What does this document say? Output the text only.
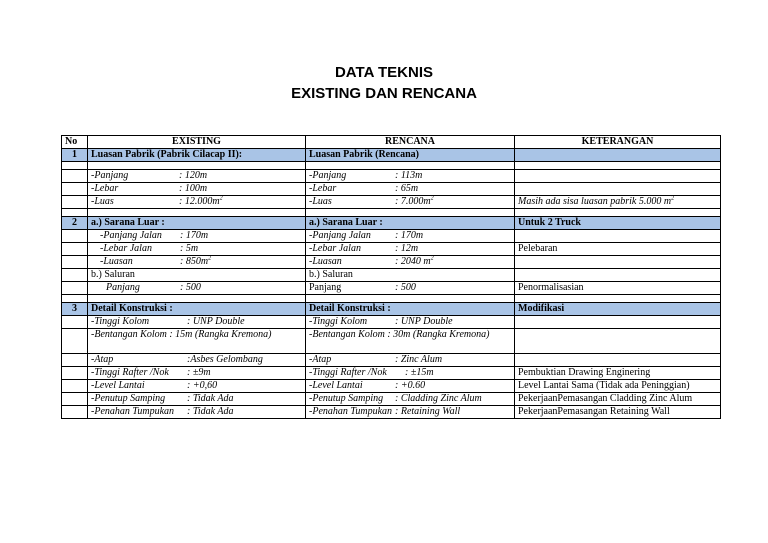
DATA TEKNIS
EXISTING DAN RENCANA
No	EXISTING	RENCANA	KETERANGAN
1	Luasan Pabrik (Pabrik Cilacap II):	Luasan Pabrik (Rencana)	

	-Panjang : 120m	-Panjang : 113m	
	-Lebar : 100m	-Lebar : 65m	
	-Luas : $12.000m^2$	-Luas : $7.000m^2$	Masih ada sisa luasan pabrik 5.000 $m^2$

2	a.) Sarana Luar :	a.) Sarana Luar :	Untuk 2 Truck
	-Panjang Jalan : 170m	-Panjang Jalan : 170m	
	-Lebar Jalan : 5m	-Lebar Jalan : 12m	Pelebaran
	-Luasan : $850m^2$	-Luasan : 2040 $m^2$	
	b.) Saluran	b.) Saluran	
	Panjang : 500	Panjang : 500	Penormalisasian

3	Detail Konstruksi :	Detail Konstruksi :	Modifikasi
	-Tinggi Kolom : UNP Double	-Tinggi Kolom : UNP Double	
	-Bentangan Kolom : 15m (Rangka Kremona)	-Bentangan Kolom : 30m (Rangka Kremona)	
	-Atap :Asbes Gelombang	-Atap : Zinc Alum	
	-Tinggi Rafter /Nok : ±9m	-Tinggi Rafter /Nok : ±15m	Pembuktian Drawing Enginering
	-Level Lantai : +0,60	-Level Lantai : +0.60	Level Lantai Sama (Tidak ada Peninggian)
	-Penutup Samping : Tidak Ada	-Penutup Samping : Cladding Zinc Alum	PekerjaanPemasangan Cladding Zinc Alum
	-Penahan Tumpukan : Tidak Ada	-Penahan Tumpukan : Retaining Wall	PekerjaanPemasangan Retaining Wall
